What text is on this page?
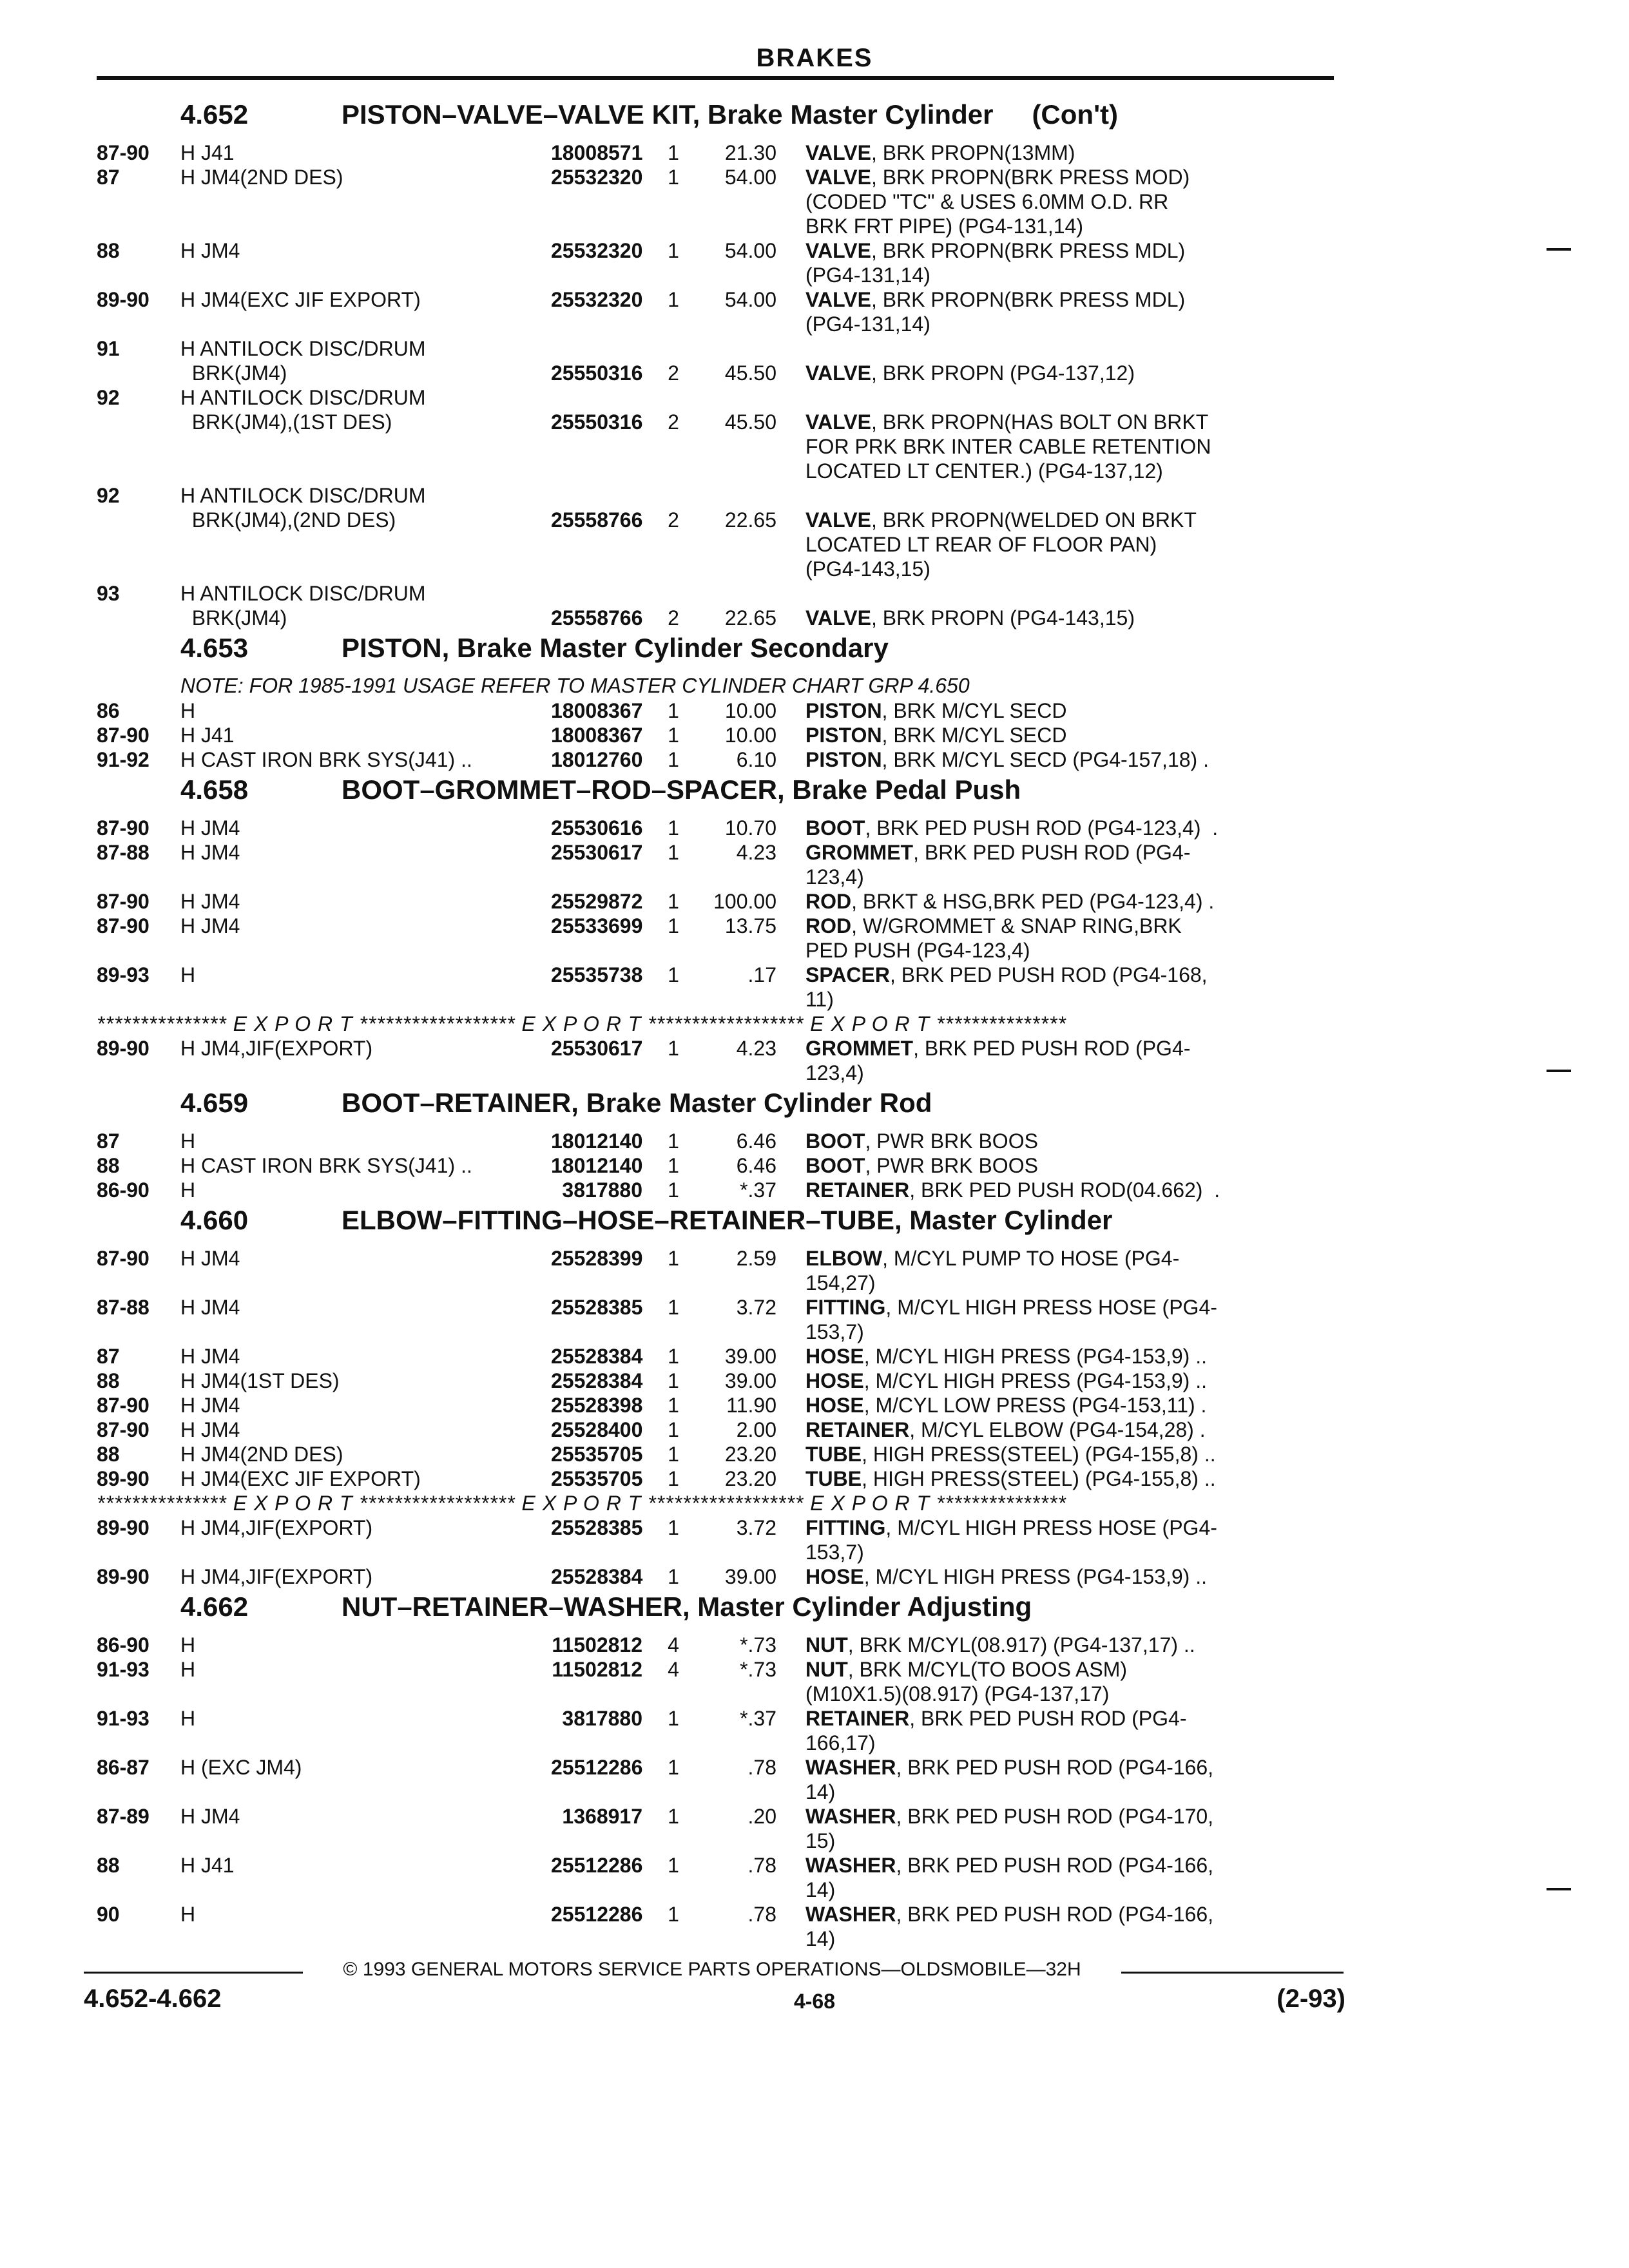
BRAKES
4.652	PISTON–VALVE–VALVE KIT, Brake Master Cylinder (Con't)
87-90	H J41	18008571	1	21.30 VALVE, BRK PROPN(13MM)
87	H JM4(2ND DES)	25532320	1	54.00 VALVE, BRK PROPN(BRK PRESS MOD)
(CODED "TC" & USES 6.0MM O.D. RR
BRK FRT PIPE) (PG4-131,14)
88	H JM4	25532320	1	54.00 VALVE, BRK PROPN(BRK PRESS MDL)
(PG4-131,14)
89-90	H JM4(EXC JIF EXPORT)	25532320	1	54.00 VALVE, BRK PROPN(BRK PRESS MDL)
(PG4-131,14)
91	H ANTILOCK DISC/DRUM
BRK(JM4)	25550316	2	45.50 VALVE, BRK PROPN (PG4-137,12)
92	H ANTILOCK DISC/DRUM
BRK(JM4),(1ST DES)	25550316	2	45.50 VALVE, BRK PROPN(HAS BOLT ON BRKT
FOR PRK BRK INTER CABLE RETENTION
LOCATED LT CENTER.) (PG4-137,12)
92	H ANTILOCK DISC/DRUM
BRK(JM4),(2ND DES)	25558766	2	22.65 VALVE, BRK PROPN(WELDED ON BRKT
LOCATED LT REAR OF FLOOR PAN)
(PG4-143,15)
93	H ANTILOCK DISC/DRUM
BRK(JM4)	25558766	2	22.65 VALVE, BRK PROPN (PG4-143,15)
4.653	PISTON, Brake Master Cylinder Secondary
NOTE: FOR 1985-1991 USAGE REFER TO MASTER CYLINDER CHART GRP 4.650
86	H	18008367	1	10.00 PISTON, BRK M/CYL SECD
87-90	H J41	18008367	1	10.00 PISTON, BRK M/CYL SECD
91-92	H CAST IRON BRK SYS(J41) ..	18012760	1	6.10 PISTON, BRK M/CYL SECD (PG4-157,18) .
4.658	BOOT–GROMMET–ROD–SPACER, Brake Pedal Push
87-90	H JM4	25530616	1	10.70 BOOT, BRK PED PUSH ROD (PG4-123,4)  .
87-88	H JM4	25530617	1	4.23 GROMMET, BRK PED PUSH ROD (PG4-
123,4)
87-90	H JM4	25529872	1	100.00 ROD, BRKT & HSG,BRK PED (PG4-123,4) .
87-90	H JM4	25533699	1	13.75 ROD, W/GROMMET & SNAP RING,BRK
PED PUSH (PG4-123,4)
89-93	H	25535738	1	.17 SPACER, BRK PED PUSH ROD (PG4-168,
11)
*************** E X P O R T ****************** E X P O R T ****************** E X P O R T ***************
89-90	H JM4,JIF(EXPORT)	25530617	1	4.23 GROMMET, BRK PED PUSH ROD (PG4-
123,4)
4.659	BOOT–RETAINER, Brake Master Cylinder Rod
87	H	18012140	1	6.46 BOOT, PWR BRK BOOS
88	H CAST IRON BRK SYS(J41) ..	18012140	1	6.46 BOOT, PWR BRK BOOS
86-90	H	3817880	1	*.37 RETAINER, BRK PED PUSH ROD(04.662)  .
4.660	ELBOW–FITTING–HOSE–RETAINER–TUBE, Master Cylinder
87-90	H JM4	25528399	1	2.59 ELBOW, M/CYL PUMP TO HOSE (PG4-
154,27)
87-88	H JM4	25528385	1	3.72 FITTING, M/CYL HIGH PRESS HOSE (PG4-
153,7)
87	H JM4	25528384	1	39.00 HOSE, M/CYL HIGH PRESS (PG4-153,9) ..
88	H JM4(1ST DES)	25528384	1	39.00 HOSE, M/CYL HIGH PRESS (PG4-153,9) ..
87-90	H JM4	25528398	1	11.90 HOSE, M/CYL LOW PRESS (PG4-153,11) .
87-90	H JM4	25528400	1	2.00 RETAINER, M/CYL ELBOW (PG4-154,28) .
88	H JM4(2ND DES)	25535705	1	23.20 TUBE, HIGH PRESS(STEEL) (PG4-155,8) ..
89-90	H JM4(EXC JIF EXPORT)	25535705	1	23.20 TUBE, HIGH PRESS(STEEL) (PG4-155,8) ..
*************** E X P O R T ****************** E X P O R T ****************** E X P O R T ***************
89-90	H JM4,JIF(EXPORT)	25528385	1	3.72 FITTING, M/CYL HIGH PRESS HOSE (PG4-
153,7)
89-90	H JM4,JIF(EXPORT)	25528384	1	39.00 HOSE, M/CYL HIGH PRESS (PG4-153,9) ..
4.662	NUT–RETAINER–WASHER, Master Cylinder Adjusting
86-90	H	11502812	4	*.73 NUT, BRK M/CYL(08.917) (PG4-137,17) ..
91-93	H	11502812	4	*.73 NUT, BRK M/CYL(TO BOOS ASM)
(M10X1.5)(08.917) (PG4-137,17)
91-93	H	3817880	1	*.37 RETAINER, BRK PED PUSH ROD (PG4-
166,17)
86-87	H (EXC JM4)	25512286	1	.78 WASHER, BRK PED PUSH ROD (PG4-166,
14)
87-89	H JM4	1368917	1	.20 WASHER, BRK PED PUSH ROD (PG4-170,
15)
88	H J41	25512286	1	.78 WASHER, BRK PED PUSH ROD (PG4-166,
14)
90	H	25512286	1	.78 WASHER, BRK PED PUSH ROD (PG4-166,
14)
© 1993 GENERAL MOTORS SERVICE PARTS OPERATIONS—OLDSMOBILE—32H
4.652-4.662	4-68	(2-93)
